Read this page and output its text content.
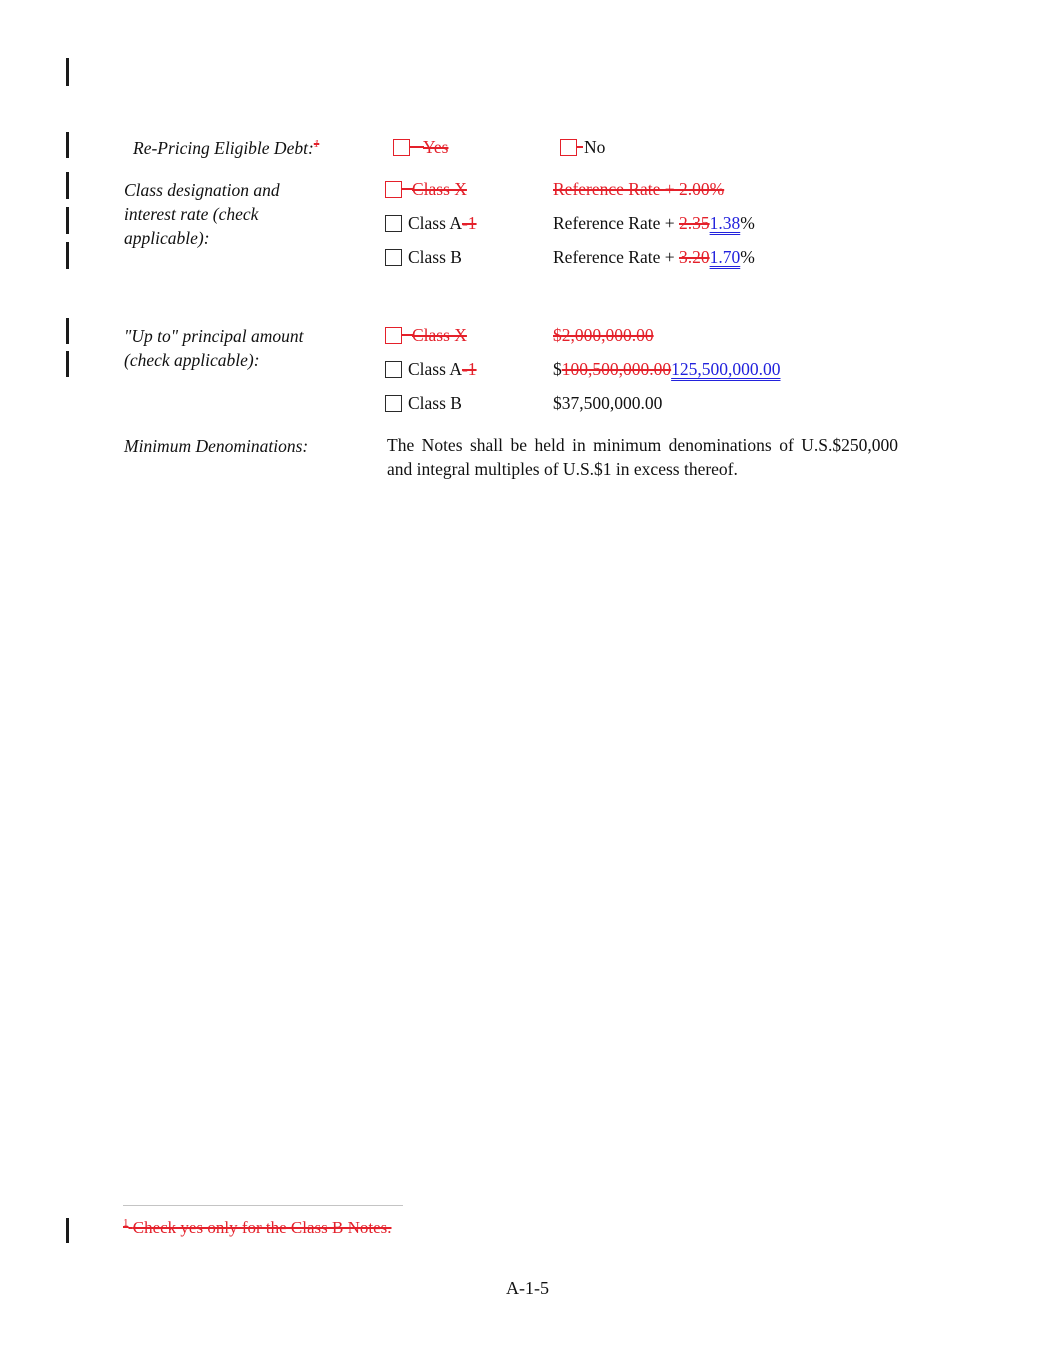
Re-Pricing Eligible Debt:$^1$	Yes	No
Class designation and interest rate (check applicable):
Class X	Reference Rate + 2.00%
Class A-1	Reference Rate + 2.351.38%
Class B	Reference Rate + 3.201.70%
"Up to" principal amount (check applicable):
Class X	$2,000,000.00
Class A-1	$100,500,000.00125,500,000.00
Class B	$37,500,000.00
Minimum Denominations:	The Notes shall be held in minimum denominations of U.S.$250,000 and integral multiples of U.S.$1 in excess thereof.
$^1$ Check yes only for the Class B Notes.
A-1-5
